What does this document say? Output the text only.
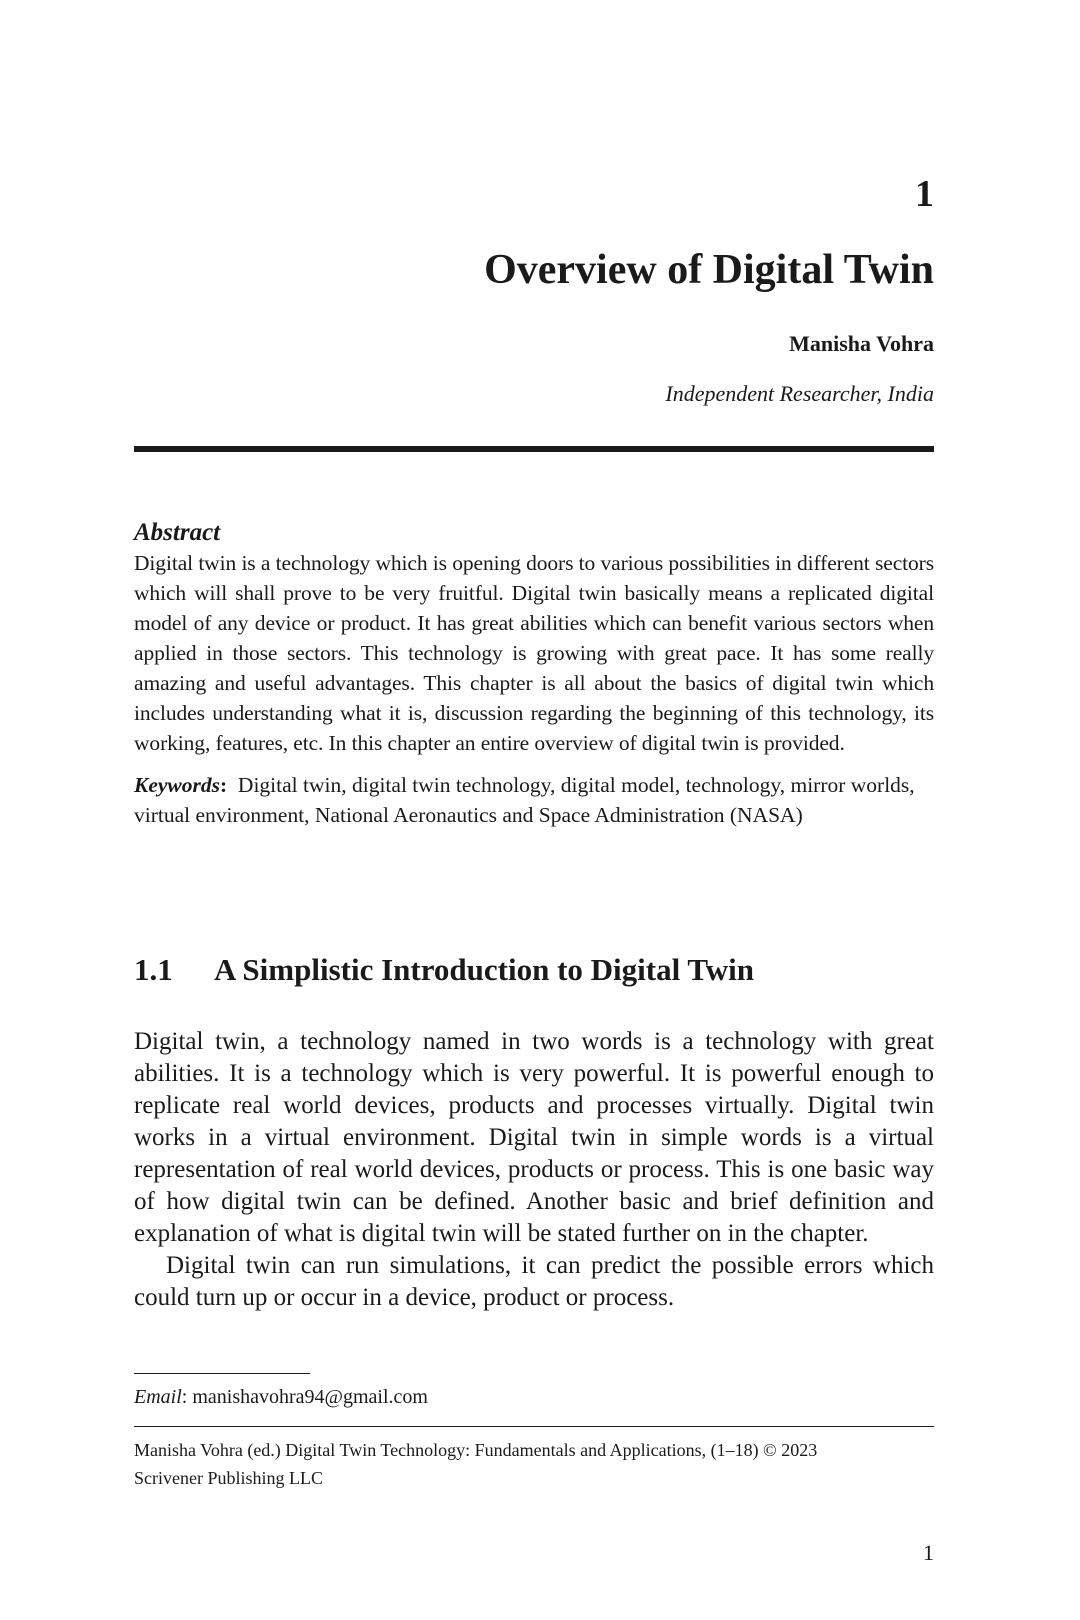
1

Overview of Digital Twin

Manisha Vohra

Independent Researcher, India

Abstract

Digital twin is a technology which is opening doors to various possibilities in different sectors which will shall prove to be very fruitful. Digital twin basically means a replicated digital model of any device or product. It has great abilities which can benefit various sectors when applied in those sectors. This technology is growing with great pace. It has some really amazing and useful advantages. This chapter is all about the basics of digital twin which includes understanding what it is, discussion regarding the beginning of this technology, its working, features, etc. In this chapter an entire overview of digital twin is provided.

Keywords: Digital twin, digital twin technology, digital model, technology, mirror worlds, virtual environment, National Aeronautics and Space Administration (NASA)

1.1 A Simplistic Introduction to Digital Twin

Digital twin, a technology named in two words is a technology with great abilities. It is a technology which is very powerful. It is powerful enough to replicate real world devices, products and processes virtually. Digital twin works in a virtual environment. Digital twin in simple words is a virtual representation of real world devices, products or process. This is one basic way of how digital twin can be defined. Another basic and brief definition and explanation of what is digital twin will be stated further on in the chapter.

Digital twin can run simulations, it can predict the possible errors which could turn up or occur in a device, product or process.

Email: manishavohra94@gmail.com

Manisha Vohra (ed.) Digital Twin Technology: Fundamentals and Applications, (1–18) © 2023
Scrivener Publishing LLC

1
